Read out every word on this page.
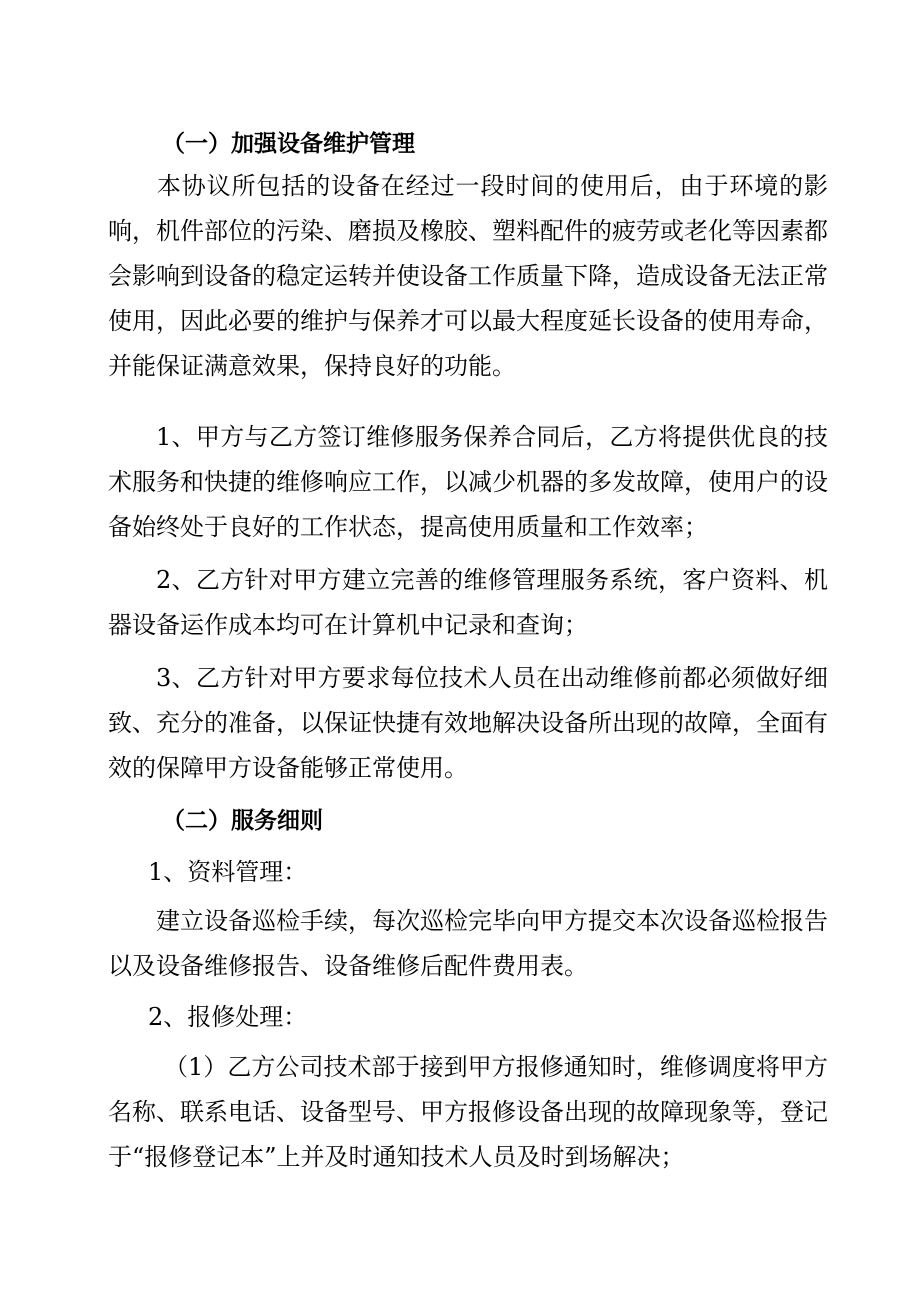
（一）加强设备维护管理
本协议所包括的设备在经过一段时间的使用后，由于环境的影响，机件部位的污染、磨损及橡胶、塑料配件的疲劳或老化等因素都会影响到设备的稳定运转并使设备工作质量下降，造成设备无法正常使用，因此必要的维护与保养才可以最大程度延长设备的使用寿命，并能保证满意效果，保持良好的功能。
1、甲方与乙方签订维修服务保养合同后，乙方将提供优良的技术服务和快捷的维修响应工作，以减少机器的多发故障，使用户的设备始终处于良好的工作状态，提高使用质量和工作效率；
2、乙方针对甲方建立完善的维修管理服务系统，客户资料、机器设备运作成本均可在计算机中记录和查询；
3、乙方针对甲方要求每位技术人员在出动维修前都必须做好细致、充分的准备，以保证快捷有效地解决设备所出现的故障，全面有效的保障甲方设备能够正常使用。
（二）服务细则
1、资料管理：
建立设备巡检手续，每次巡检完毕向甲方提交本次设备巡检报告以及设备维修报告、设备维修后配件费用表。
2、报修处理：
（1）乙方公司技术部于接到甲方报修通知时，维修调度将甲方名称、联系电话、设备型号、甲方报修设备出现的故障现象等，登记于“报修登记本”上并及时通知技术人员及时到场解决；
